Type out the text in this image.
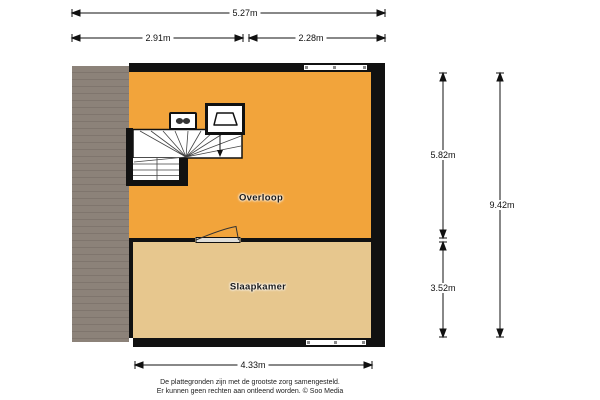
Overloop
Slaapkamer
5.27m
2.91m	2.28m
5.82m
3.52m
9.42m
4.33m
De plattegronden zijn met de grootste zorg samengesteld.
Er kunnen geen rechten aan ontleend worden. © Soo Media
